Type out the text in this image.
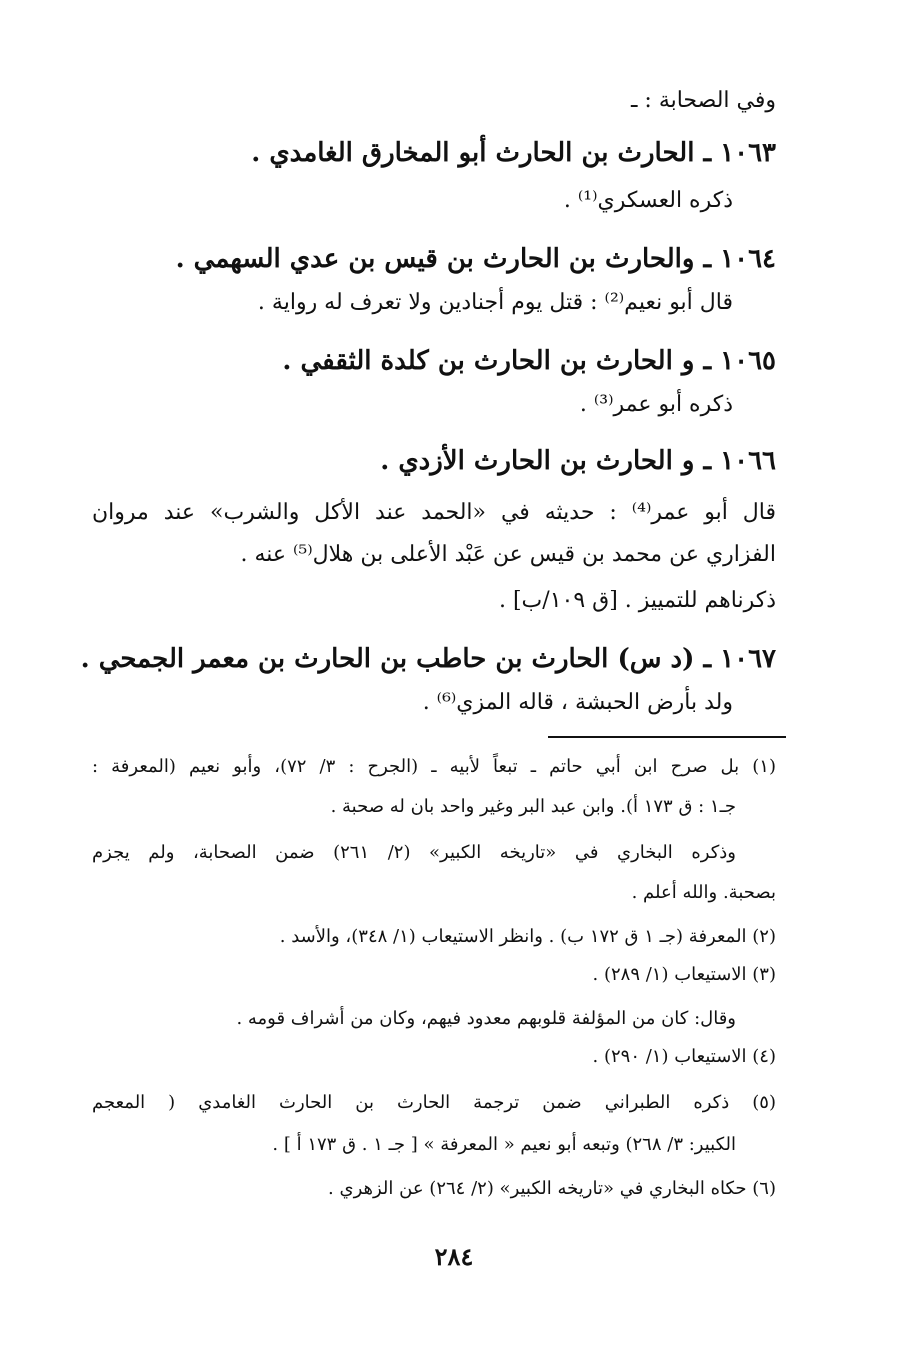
وفي الصحابة : ـ
١٠٦٣ ـ الحارث بن الحارث أبو المخارق الغامدي .
ذكره العسكري⁽¹⁾ .
١٠٦٤ ـ والحارث بن الحارث بن قيس بن عدي السهمي .
قال أبو نعيم⁽²⁾ : قتل يوم أجنادين ولا تعرف له رواية .
١٠٦٥ ـ و الحارث بن الحارث بن كلدة الثقفي .
ذكره أبو عمر⁽³⁾ .
١٠٦٦ ـ و الحارث بن الحارث الأزدي .
قال أبو عمر⁽⁴⁾ : حديثه في «الحمد عند الأكل والشرب» عند مروان
الفزاري عن محمد بن قيس عن عَبْد الأعلى بن هلال⁽⁵⁾ عنه .
ذكرناهم للتمييز . [ق ١٠٩/ب] .
١٠٦٧ ـ (د س) الحارث بن حاطب بن الحارث بن معمر الجمحي .
ولد بأرض الحبشة ، قاله المزي⁽⁶⁾ .
(١) بل صرح ابن أبي حاتم ـ تبعاً لأبيه ـ (الجرح : ٣/ ٧٢)، وأبو نعيم (المعرفة :
جـ١ : ق ١٧٣ أ). وابن عبد البر وغير واحد بان له صحبة .
وذكره البخاري في «تاريخه الكبير» (٢/ ٢٦١) ضمن الصحابة، ولم يجزم
بصحبة. والله أعلم .
(٢) المعرفة (جـ ١ ق ١٧٢ ب) . وانظر الاستيعاب (١/ ٣٤٨)، والأسد .
(٣) الاستيعاب (١/ ٢٨٩) .
وقال: كان من المؤلفة قلوبهم معدود فيهم، وكان من أشراف قومه .
(٤) الاستيعاب (١/ ٢٩٠) .
(٥) ذكره الطبراني ضمن ترجمة الحارث بن الحارث الغامدي ( المعجم
الكبير: ٣/ ٢٦٨) وتبعه أبو نعيم « المعرفة » [ جـ ١ . ق ١٧٣ أ ] .
(٦) حكاه البخاري في «تاريخه الكبير» (٢/ ٢٦٤) عن الزهري .
٢٨٤
